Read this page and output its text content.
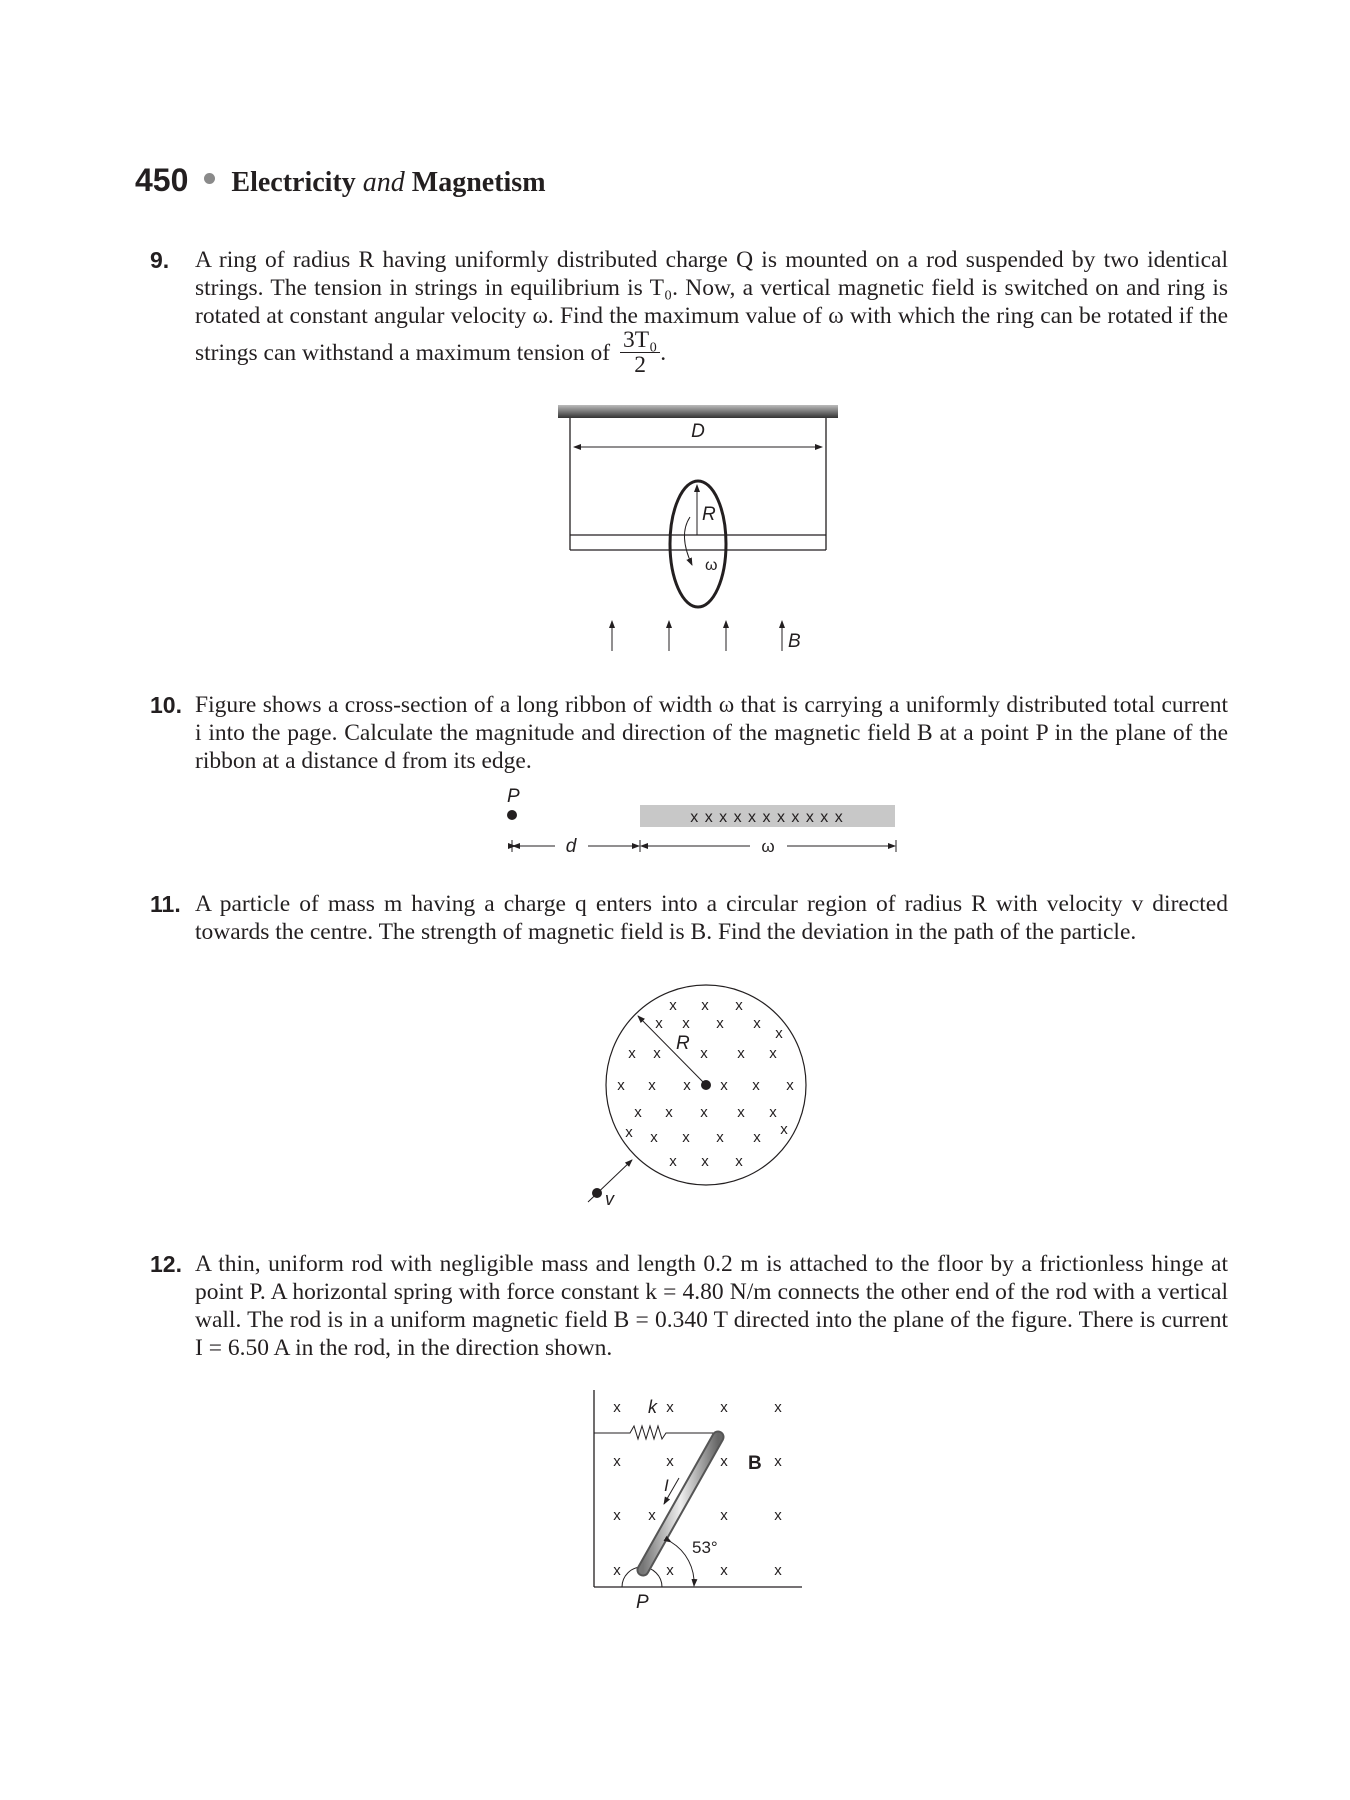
450 Electricity and Magnetism
9. A ring of radius R having uniformly distributed charge Q is mounted on a rod suspended by two identical strings. The tension in strings in equilibrium is T₀. Now, a vertical magnetic field is switched on and ring is rotated at constant angular velocity ω. Find the maximum value of ω with which the ring can be rotated if the strings can withstand a maximum tension of $\frac{\text{3T₀}}{2}$ .
D
R
ω
B
10. Figure shows a cross-section of a long ribbon of width ω that is carrying a uniformly distributed total current i into the page. Calculate the magnitude and direction of the magnetic field B at a point P in the plane of the ribbon at a distance d from its edge.
P
x x x x x x x x x x x
d	ω
11. A particle of mass m having a charge q enters into a circular region of radius R with velocity v directed towards the centre. The strength of magnetic field is B. Find the deviation in the path of the particle.
x x x
x x x x
x
x x	x x x
x x x x x x
x x x x x
x x x x x x
x x x
R
v
12. A thin, uniform rod with negligible mass and length 0.2 m is attached to the floor by a frictionless hinge at point P. A horizontal spring with force constant k = 4.80 N/m connects the other end of the rod with a vertical wall. The rod is in a uniform magnetic field B = 0.340 T directed into the plane of the figure. There is current I = 6.50 A in the rod, in the direction shown.
x	x	x	x
x	x	x	x
x x	x	x
x	x	x	x
B
k
I
53°
P
